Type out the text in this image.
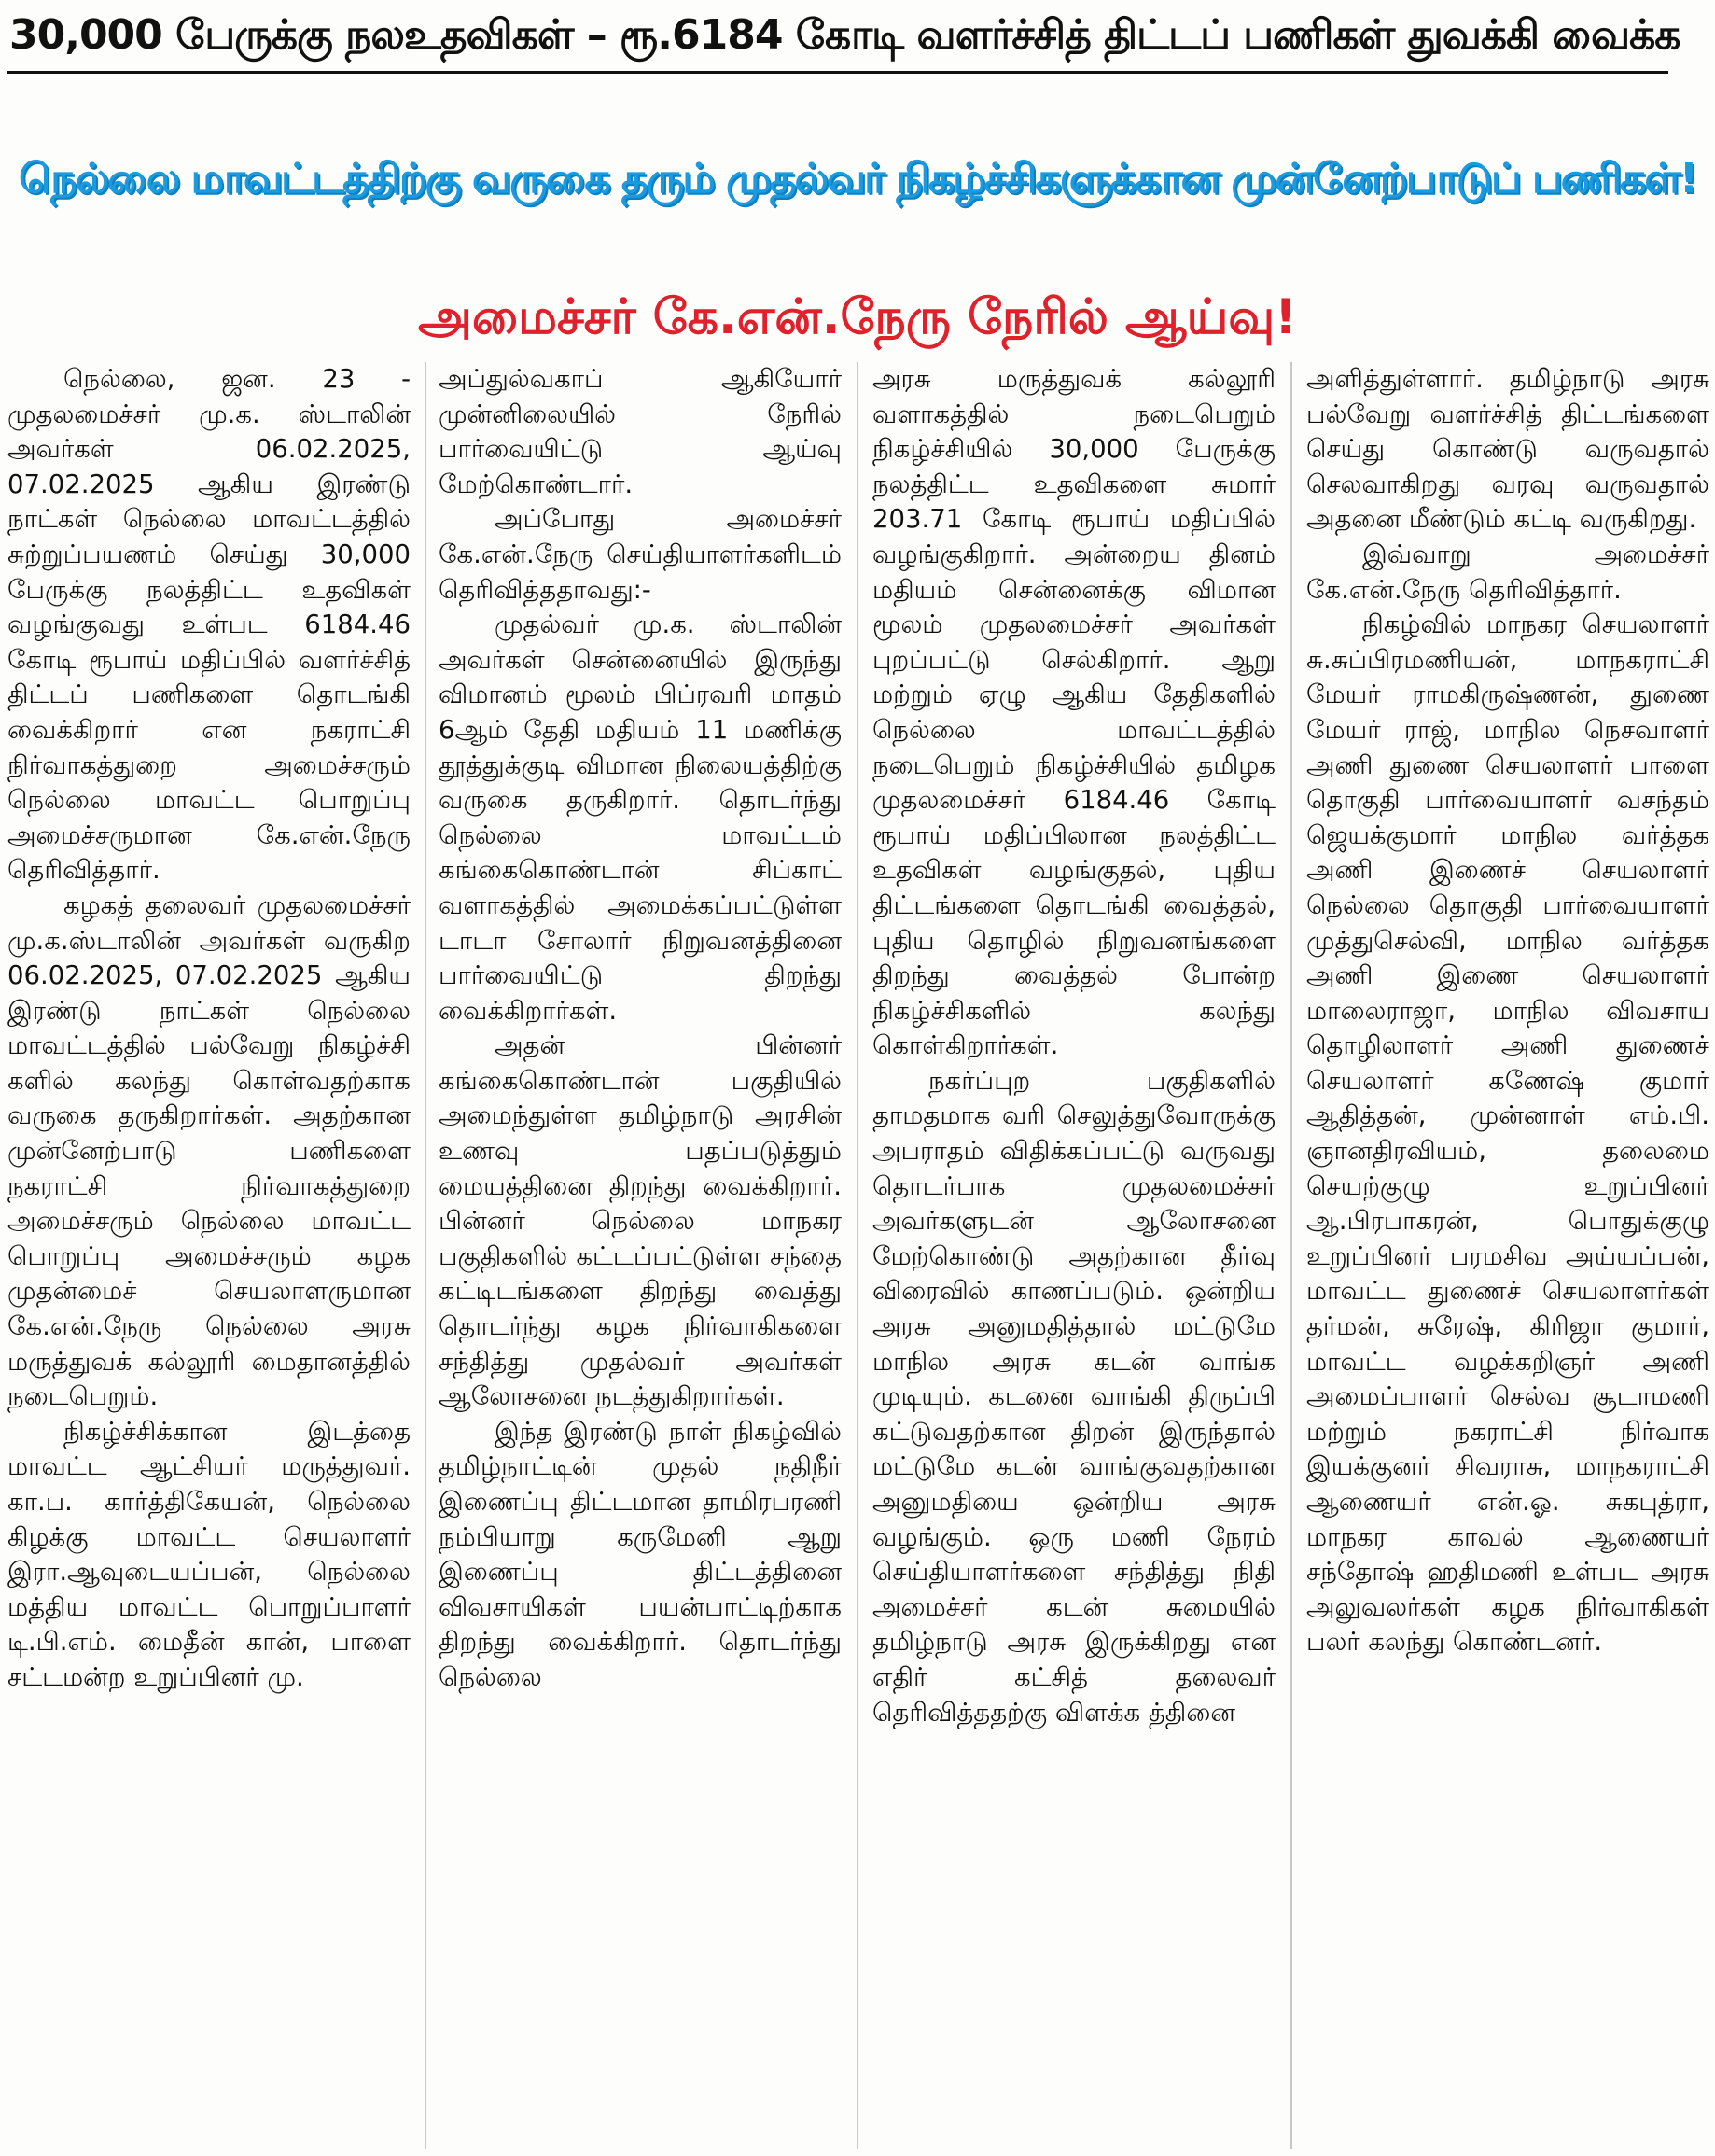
30,000 பேருக்கு நலஉதவிகள் – ரூ.6184 கோடி வளர்ச்சித் திட்டப் பணிகள் துவக்கி வைக்க
நெல்லை மாவட்டத்திற்கு வருகை தரும் முதல்வர் நிகழ்ச்சிகளுக்கான முன்னேற்பாடுப் பணிகள்!
அமைச்சர் கே.என்.நேரு நேரில் ஆய்வு!

நெல்லை, ஜன. 23 - முதலமைச்சர் மு.க. ஸ்டாலின் அவர்கள் 06.02.2025, 07.02.2025 ஆகிய இரண்டு நாட்கள் நெல்லை மாவட்டத்தில் சுற்றுப்பயணம் செய்து 30,000 பேருக்கு நலத்திட்ட உதவிகள் வழங்குவது உள்பட 6184.46 கோடி ரூபாய் மதிப்பில் வளர்ச்சித் திட்டப் பணிகளை தொடங்கி வைக்கிறார் என நகராட்சி நிர்வாகத்துறை அமைச்சரும் நெல்லை மாவட்ட பொறுப்பு அமைச்சருமான கே.என்.நேரு தெரிவித்தார்.

கழகத் தலைவர் முதலமைச்சர் மு.க.ஸ்டாலின் அவர்கள் வருகிற 06.02.2025, 07.02.2025 ஆகிய இரண்டு நாட்கள் நெல்லை மாவட்டத்தில் பல்வேறு நிகழ்ச்சி களில் கலந்து கொள்வதற்காக வருகை தருகிறார்கள். அதற்கான முன்னேற்பாடு பணிகளை நகராட்சி நிர்வாகத்துறை அமைச்சரும் நெல்லை மாவட்ட பொறுப்பு அமைச்சரும் கழக முதன்மைச் செயலாளருமான கே.என்.நேரு நெல்லை அரசு மருத்துவக் கல்லூரி மைதானத்தில் நடைபெறும்.

நிகழ்ச்சிக்கான இடத்தை மாவட்ட ஆட்சியர் மருத்துவர். கா.ப. கார்த்திகேயன், நெல்லை கிழக்கு மாவட்ட செயலாளர் இரா.ஆவுடையப்பன், நெல்லை மத்திய மாவட்ட பொறுப்பாளர் டி.பி.எம். மைதீன் கான், பாளை சட்டமன்ற உறுப்பினர் மு.

அப்துல்வகாப் ஆகியோர் முன்னிலையில் நேரில் பார்வையிட்டு ஆய்வு மேற்கொண்டார்.

அப்போது அமைச்சர் கே.என்.நேரு செய்தியாளர்களிடம் தெரிவித்ததாவது:-

முதல்வர் மு.க. ஸ்டாலின் அவர்கள் சென்னையில் இருந்து விமானம் மூலம் பிப்ரவரி மாதம் 6ஆம் தேதி மதியம் 11 மணிக்கு தூத்துக்குடி விமான நிலையத்திற்கு வருகை தருகிறார். தொடர்ந்து நெல்லை மாவட்டம் கங்கைகொண்டான் சிப்காட் வளாகத்தில் அமைக்கப்பட்டுள்ள டாடா சோலார் நிறுவனத்தினை பார்வையிட்டு திறந்து வைக்கிறார்கள்.

அதன் பின்னர் கங்கைகொண்டான் பகுதியில் அமைந்துள்ள தமிழ்நாடு அரசின் உணவு பதப்படுத்தும் மையத்தினை திறந்து வைக்கிறார். பின்னர் நெல்லை மாநகர பகுதிகளில் கட்டப்பட்டுள்ள சந்தை கட்டிடங்களை திறந்து வைத்து தொடர்ந்து கழக நிர்வாகிகளை சந்தித்து முதல்வர் அவர்கள் ஆலோசனை நடத்துகிறார்கள்.

இந்த இரண்டு நாள் நிகழ்வில் தமிழ்நாட்டின் முதல் நதிநீர் இணைப்பு திட்டமான தாமிரபரணி நம்பியாறு கருமேனி ஆறு இணைப்பு திட்டத்தினை விவசாயிகள் பயன்பாட்டிற்காக திறந்து வைக்கிறார். தொடர்ந்து நெல்லை

அரசு மருத்துவக் கல்லூரி வளாகத்தில் நடைபெறும் நிகழ்ச்சியில் 30,000 பேருக்கு நலத்திட்ட உதவிகளை சுமார் 203.71 கோடி ரூபாய் மதிப்பில் வழங்குகிறார். அன்றைய தினம் மதியம் சென்னைக்கு விமான மூலம் முதலமைச்சர் அவர்கள் புறப்பட்டு செல்கிறார். ஆறு மற்றும் ஏழு ஆகிய தேதிகளில் நெல்லை மாவட்டத்தில் நடைபெறும் நிகழ்ச்சியில் தமிழக முதலமைச்சர் 6184.46 கோடி ரூபாய் மதிப்பிலான நலத்திட்ட உதவிகள் வழங்குதல், புதிய திட்டங்களை தொடங்கி வைத்தல், புதிய தொழில் நிறுவனங்களை திறந்து வைத்தல் போன்ற நிகழ்ச்சிகளில் கலந்து கொள்கிறார்கள்.

நகர்ப்புற பகுதிகளில் தாமதமாக வரி செலுத்துவோருக்கு அபராதம் விதிக்கப்பட்டு வருவது தொடர்பாக முதலமைச்சர் அவர்களுடன் ஆலோசனை மேற்கொண்டு அதற்கான தீர்வு விரைவில் காணப்படும். ஒன்றிய அரசு அனுமதித்தால் மட்டுமே மாநில அரசு கடன் வாங்க முடியும். கடனை வாங்கி திருப்பி கட்டுவதற்கான திறன் இருந்தால் மட்டுமே கடன் வாங்குவதற்கான அனுமதியை ஒன்றிய அரசு வழங்கும். ஒரு மணி நேரம் செய்தியாளர்களை சந்தித்து நிதி அமைச்சர் கடன் சுமையில் தமிழ்நாடு அரசு இருக்கிறது என எதிர் கட்சித் தலைவர் தெரிவித்ததற்கு விளக்க த்தினை

அளித்துள்ளார். தமிழ்நாடு அரசு பல்வேறு வளர்ச்சித் திட்டங்களை செய்து கொண்டு வருவதால் செலவாகிறது வரவு வருவதால் அதனை மீண்டும் கட்டி வருகிறது.

இவ்வாறு அமைச்சர் கே.என்.நேரு தெரிவித்தார்.

நிகழ்வில் மாநகர செயலாளர் சு.சுப்பிரமணியன், மாநகராட்சி மேயர் ராமகிருஷ்ணன், துணை மேயர் ராஜ், மாநில நெசவாளர் அணி துணை செயலாளர் பாளை தொகுதி பார்வையாளர் வசந்தம் ஜெயக்குமார் மாநில வர்த்தக அணி இணைச் செயலாளர் நெல்லை தொகுதி பார்வையாளர் முத்துசெல்வி, மாநில வர்த்தக அணி இணை செயலாளர் மாலைராஜா, மாநில விவசாய தொழிலாளர் அணி துணைச் செயலாளர் கணேஷ் குமார் ஆதித்தன், முன்னாள் எம்.பி. ஞானதிரவியம், தலைமை செயற்குழு உறுப்பினர் ஆ.பிரபாகரன், பொதுக்குழு உறுப்பினர் பரமசிவ அய்யப்பன், மாவட்ட துணைச் செயலாளர்கள் தர்மன், சுரேஷ், கிரிஜா குமார், மாவட்ட வழக்கறிஞர் அணி அமைப்பாளர் செல்வ சூடாமணி மற்றும் நகராட்சி நிர்வாக இயக்குனர் சிவராசு, மாநகராட்சி ஆணையர் என்.ஓ. சுகபுத்ரா, மாநகர காவல் ஆணையர் சந்தோஷ் ஹதிமணி உள்பட அரசு அலுவலர்கள் கழக நிர்வாகிகள் பலர் கலந்து கொண்டனர்.
